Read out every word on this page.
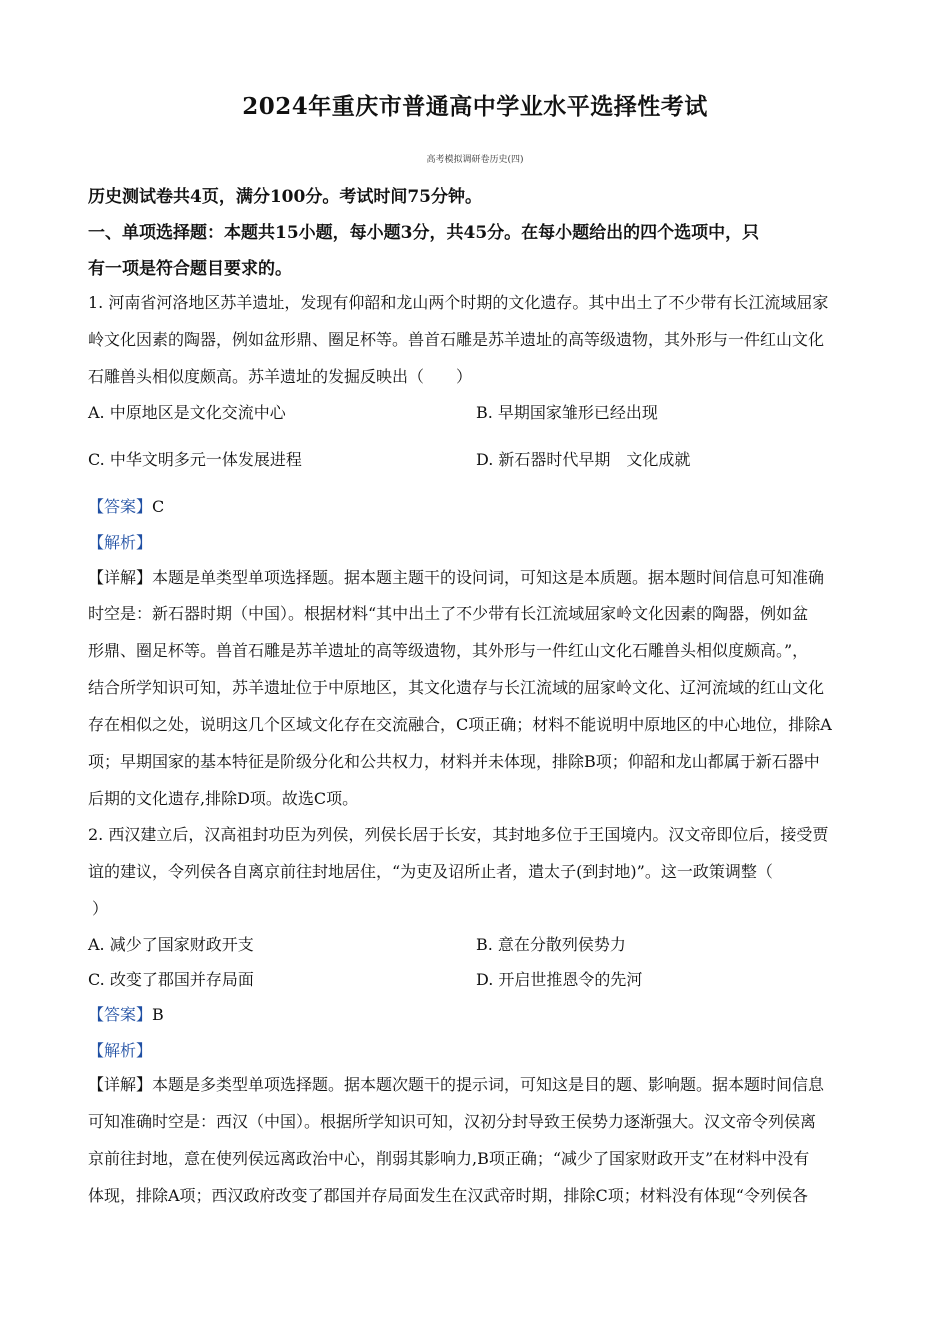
2024年重庆市普通高中学业水平选择性考试
高考模拟调研卷历史(四)
历史测试卷共4页，满分100分。考试时间75分钟。
一、单项选择题：本题共15小题，每小题3分，共45分。在每小题给出的四个选项中，只
有一项是符合题目要求的。
1. 河南省河洛地区苏羊遗址，发现有仰韶和龙山两个时期的文化遗存。其中出土了不少带有长江流域屈家
岭文化因素的陶器，例如盆形鼎、圈足杯等。兽首石雕是苏羊遗址的高等级遗物，其外形与一件红山文化
石雕兽头相似度颇高。苏羊遗址的发掘反映出（　　）
A. 中原地区是文化交流中心	B. 早期国家雏形已经出现
C. 中华文明多元一体发展进程	D. 新石器时代早期　文化成就
【答案】C
【解析】
【详解】本题是单类型单项选择题。据本题主题干的设问词，可知这是本质题。据本题时间信息可知准确
时空是：新石器时期（中国）。根据材料“其中出土了不少带有长江流域屈家岭文化因素的陶器，例如盆
形鼎、圈足杯等。兽首石雕是苏羊遗址的高等级遗物，其外形与一件红山文化石雕兽头相似度颇高。”，
结合所学知识可知，苏羊遗址位于中原地区，其文化遗存与长江流域的屈家岭文化、辽河流域的红山文化
存在相似之处，说明这几个区域文化存在交流融合，C项正确；材料不能说明中原地区的中心地位，排除A
项；早期国家的基本特征是阶级分化和公共权力，材料并未体现，排除B项；仰韶和龙山都属于新石器中
后期的文化遗存,排除D项。故选C项。
2. 西汉建立后，汉高祖封功臣为列侯，列侯长居于长安，其封地多位于王国境内。汉文帝即位后，接受贾
谊的建议，令列侯各自离京前往封地居住，“为吏及诏所止者，遣太子(到封地)”。这一政策调整（
）
A. 减少了国家财政开支	B. 意在分散列侯势力
C. 改变了郡国并存局面	D. 开启世推恩令的先河
【答案】B
【解析】
【详解】本题是多类型单项选择题。据本题次题干的提示词，可知这是目的题、影响题。据本题时间信息
可知准确时空是：西汉（中国）。根据所学知识可知，汉初分封导致王侯势力逐渐强大。汉文帝令列侯离
京前往封地，意在使列侯远离政治中心，削弱其影响力,B项正确；“减少了国家财政开支”在材料中没有
体现，排除A项；西汉政府改变了郡国并存局面发生在汉武帝时期，排除C项；材料没有体现“令列侯各
